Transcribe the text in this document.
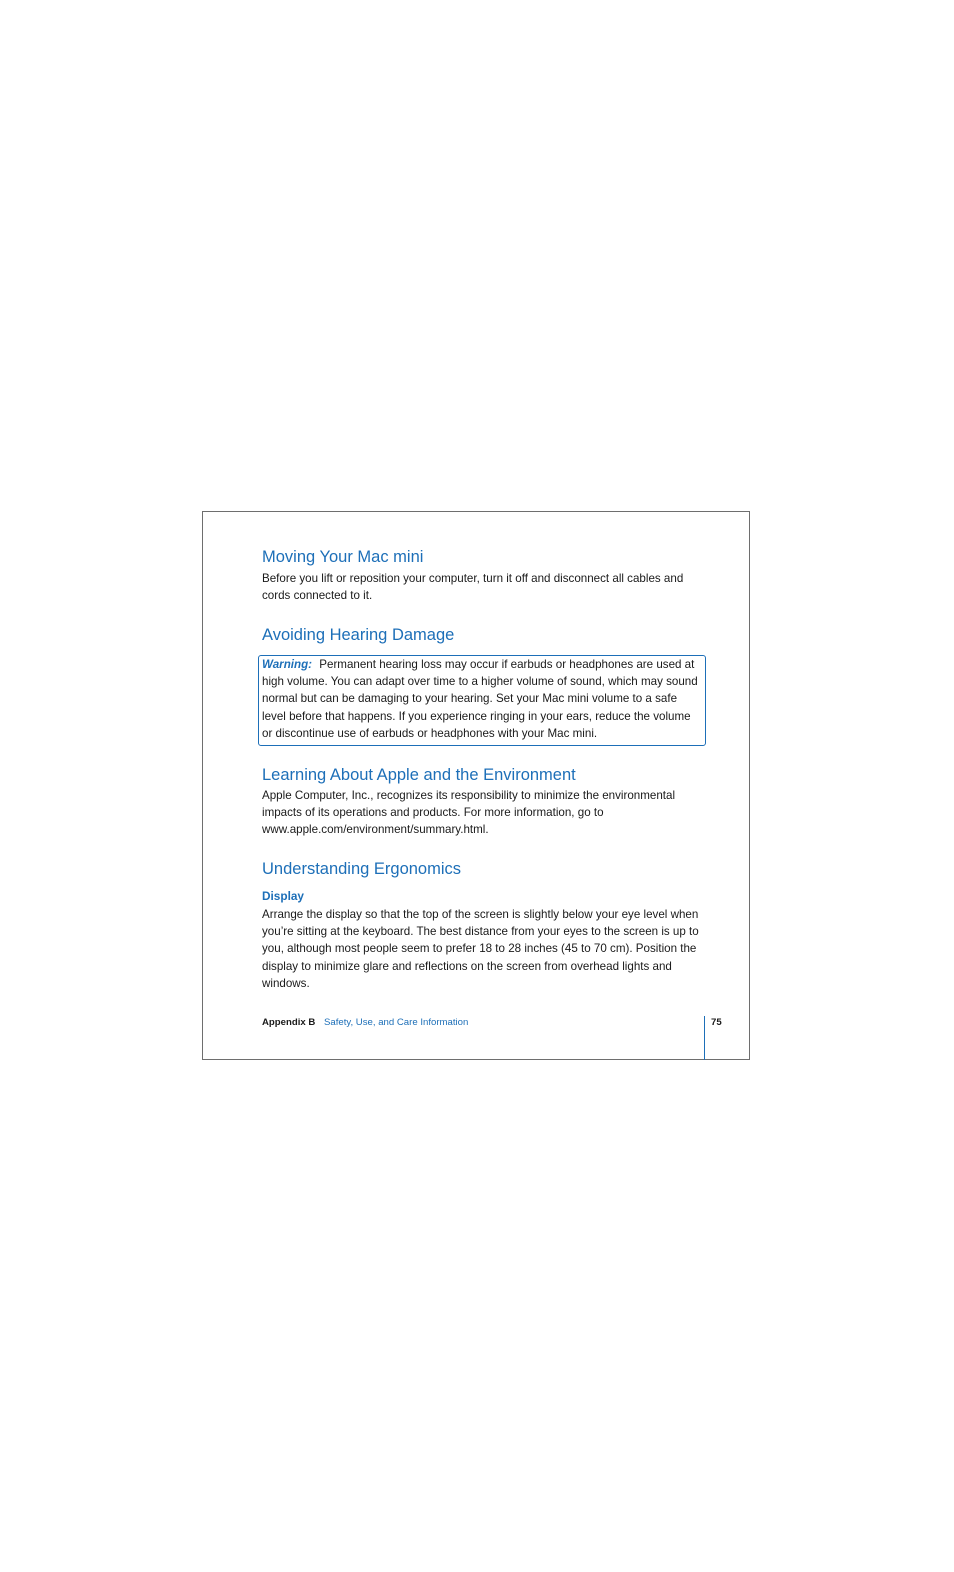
Moving Your Mac mini

Before you lift or reposition your computer, turn it off and disconnect all cables and cords connected to it.

Avoiding Hearing Damage

Warning: Permanent hearing loss may occur if earbuds or headphones are used at high volume. You can adapt over time to a higher volume of sound, which may sound normal but can be damaging to your hearing. Set your Mac mini volume to a safe level before that happens. If you experience ringing in your ears, reduce the volume or discontinue use of earbuds or headphones with your Mac mini.

Learning About Apple and the Environment

Apple Computer, Inc., recognizes its responsibility to minimize the environmental impacts of its operations and products. For more information, go to www.apple.com/environment/summary.html.

Understanding Ergonomics
Display

Arrange the display so that the top of the screen is slightly below your eye level when you’re sitting at the keyboard. The best distance from your eyes to the screen is up to you, although most people seem to prefer 18 to 28 inches (45 to 70 cm). Position the display to minimize glare and reflections on the screen from overhead lights and windows.

Appendix B Safety, Use, and Care Information	75
